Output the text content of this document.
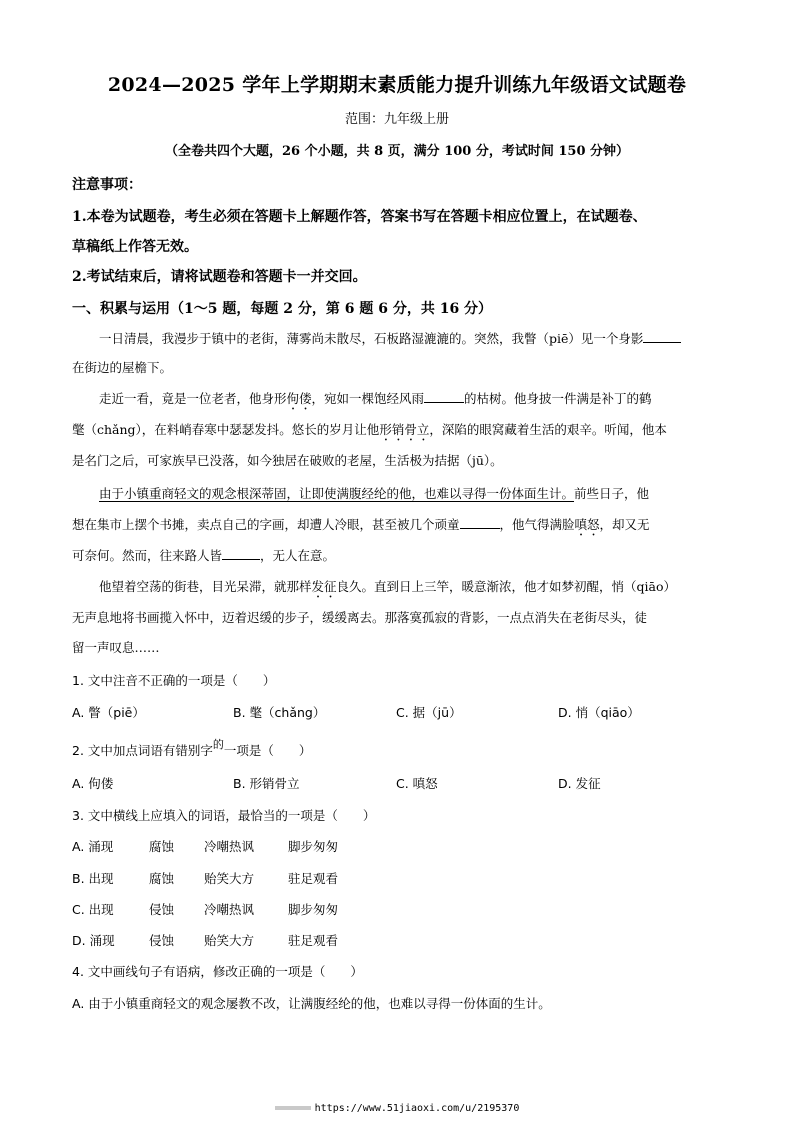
2024—2025 学年上学期期末素质能力提升训练九年级语文试题卷
范围：九年级上册
（全卷共四个大题，26 个小题，共 8 页，满分 100 分，考试时间 150 分钟）
注意事项：
1.本卷为试题卷，考生必须在答题卡上解题作答，答案书写在答题卡相应位置上，在试题卷、
草稿纸上作答无效。
2.考试结束后，请将试题卷和答题卡一并交回。
一、积累与运用（1～5 题，每题 2 分，第 6 题 6 分，共 16 分）
一日清晨，我漫步于镇中的老街，薄雾尚未散尽，石板路湿漉漉的。突然，我瞥（piē）见一个身影
在街边的屋檐下。
走近一看，竟是一位老者，他身形佝偻，宛如一棵饱经风雨	的枯树。他身披一件满是补丁的鹤
氅（chǎng），在料峭春寒中瑟瑟发抖。悠长的岁月让他形销骨立，深陷的眼窝藏着生活的艰辛。听闻，他本
是名门之后，可家族早已没落，如今独居在破败的老屋，生活极为拮据（jū）。
由于小镇重商轻文的观念根深蒂固，让即使满腹经纶的他，也难以寻得一份体面生计。前些日子，他
想在集市上摆个书摊，卖点自己的字画，却遭人冷眼，甚至被几个顽童	，他气得满脸嗔怒，却又无
可奈何。然而，往来路人皆	，无人在意。
他望着空荡的街巷，目光呆滞，就那样发征良久。直到日上三竿，暖意渐浓，他才如梦初醒，悄（qiāo）
无声息地将书画揽入怀中，迈着迟缓的步子，缓缓离去。那落寞孤寂的背影，一点点消失在老街尽头，徒
留一声叹息……
1. 文中注音不正确的一项是（　　）
A. 瞥（piē）	B. 氅（chǎng）	C. 据（jū）	D. 悄（qiāo）
2. 文中加点词语有错别字的一项是（　　）
A. 佝偻	B. 形销骨立	C. 嗔怒	D. 发征
3. 文中横线上应填入的词语，最恰当的一项是（　　）
A. 涌现	腐蚀 冷嘲热讽	脚步匆匆
B. 出现	腐蚀 贻笑大方	驻足观看
C. 出现	侵蚀 冷嘲热讽	脚步匆匆
D. 涌现	侵蚀 贻笑大方	驻足观看
4. 文中画线句子有语病，修改正确的一项是（　　）
A. 由于小镇重商轻文的观念屡教不改，让满腹经纶的他，也难以寻得一份体面的生计。
https://www.51jiaoxi.com/u/2195370
